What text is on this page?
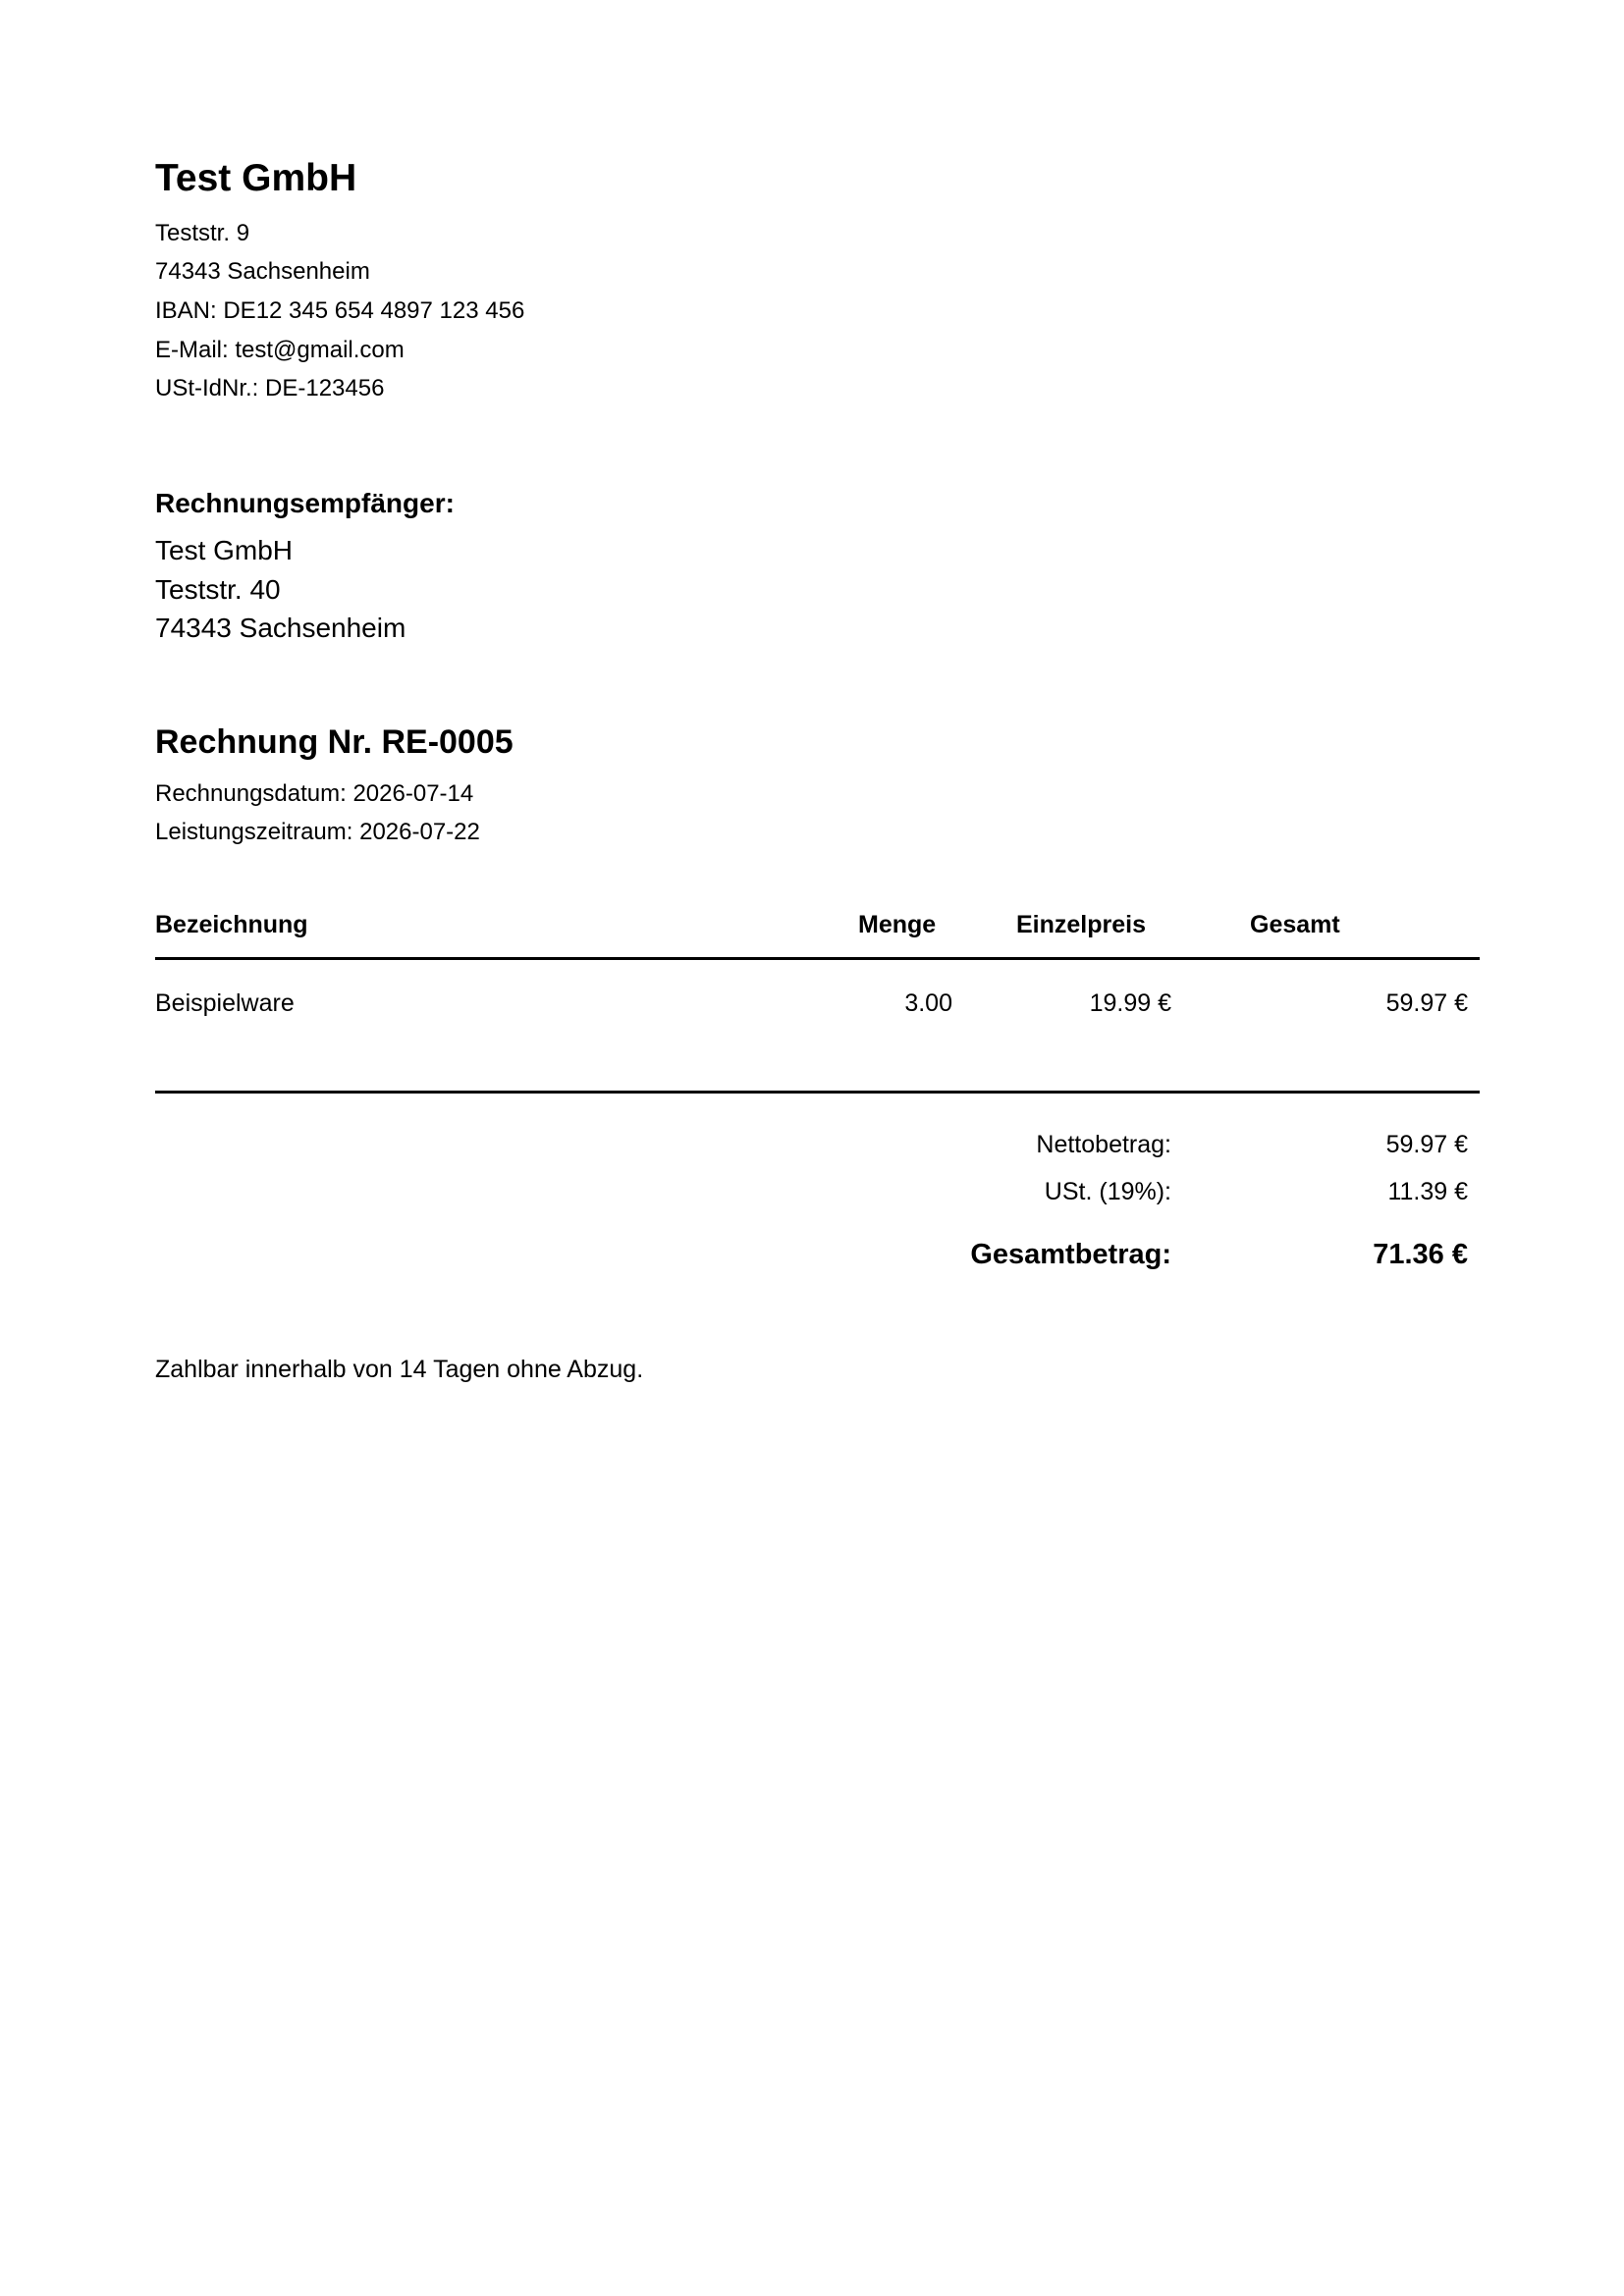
Test GmbH
Teststr. 9
74343 Sachsenheim
IBAN: DE12 345 654 4897 123 456
E-Mail: test@gmail.com
USt-IdNr.: DE-123456
Rechnungsempfänger:
Test GmbH
Teststr. 40
74343 Sachsenheim
Rechnung Nr. RE-0005
Rechnungsdatum: 2026-07-14
Leistungszeitraum: 2026-07-22
Bezeichnung	Menge	Einzelpreis	Gesamt
Beispielware	3.00	19.99 €	59.97 €
Nettobetrag:	59.97 €
USt. (19%):	11.39 €
Gesamtbetrag:	71.36 €
Zahlbar innerhalb von 14 Tagen ohne Abzug.
